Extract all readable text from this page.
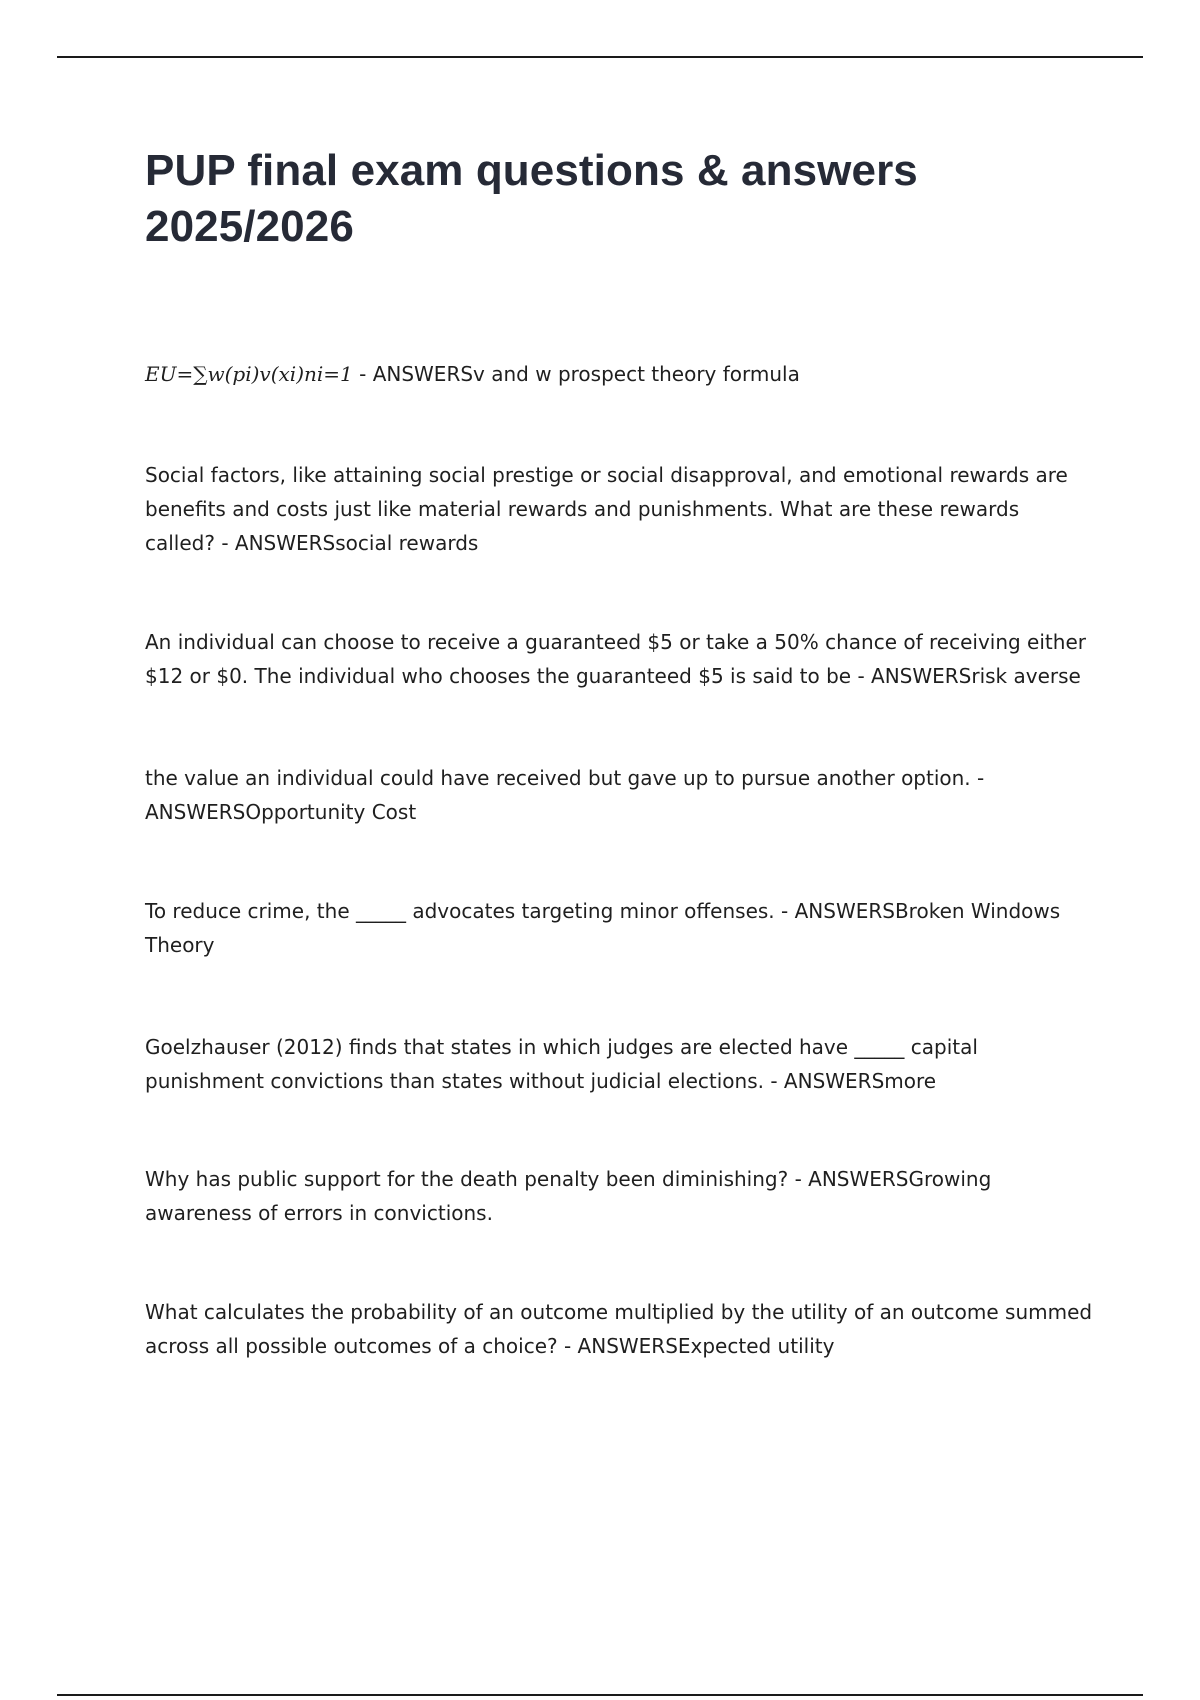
PUP final exam questions & answers 2025/2026

EU=∑w(pi)v(xi)ni=1 - ANSWERSv and w prospect theory formula

Social factors, like attaining social prestige or social disapproval, and emotional rewards are benefits and costs just like material rewards and punishments. What are these rewards called? - ANSWERSsocial rewards

An individual can choose to receive a guaranteed $5 or take a 50% chance of receiving either $12 or $0. The individual who chooses the guaranteed $5 is said to be - ANSWERSrisk averse

the value an individual could have received but gave up to pursue another option. - ANSWERSOpportunity Cost

To reduce crime, the _____ advocates targeting minor offenses. - ANSWERSBroken Windows Theory

Goelzhauser (2012) finds that states in which judges are elected have _____ capital punishment convictions than states without judicial elections. - ANSWERSmore

Why has public support for the death penalty been diminishing? - ANSWERSGrowing awareness of errors in convictions.

What calculates the probability of an outcome multiplied by the utility of an outcome summed across all possible outcomes of a choice? - ANSWERSExpected utility
